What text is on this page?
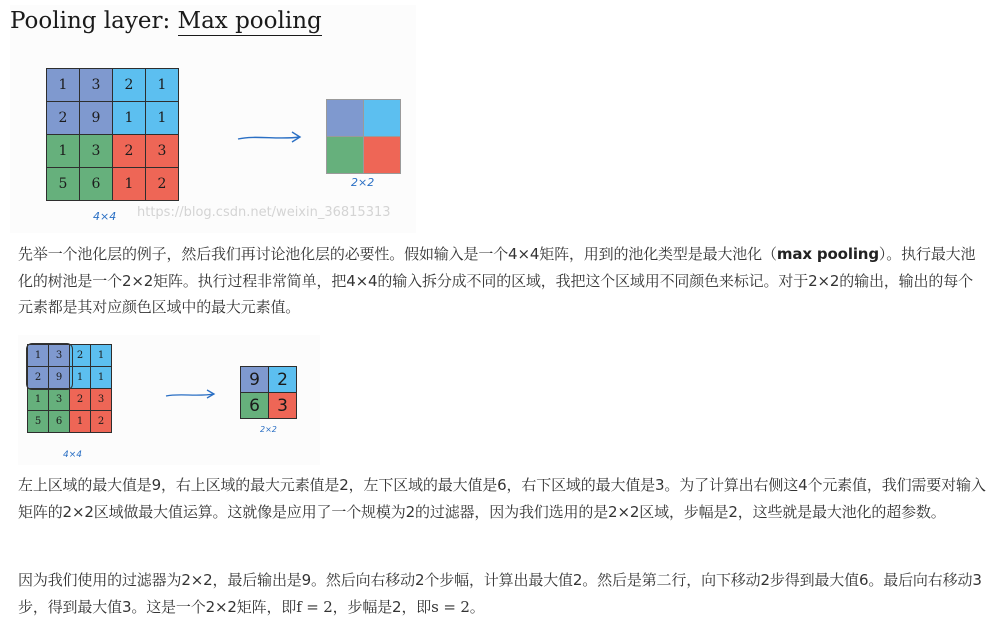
Pooling layer: Max pooling
1	3	2	1
2	9	1	1
1	3	2	3
5	6	1	2

4×4
2×2
https://blog.csdn.net/weixin_36815313

先举一个池化层的例子，然后我们再讨论池化层的必要性。假如输入是一个4×4矩阵，用到的池化类型是最大池化（max pooling）。执行最大池化的树池是一个2×2矩阵。执行过程非常简单，把4×4的输入拆分成不同的区域，我把这个区域用不同颜色来标记。对于2×2的输出，输出的每个元素都是其对应颜色区域中的最大元素值。

1	3	2	1
2	9	1	1
1	3	2	3
5	6	1	2
9	2
6	3
4×4
2×2

左上区域的最大值是9，右上区域的最大元素值是2，左下区域的最大值是6，右下区域的最大值是3。为了计算出右侧这4个元素值，我们需要对输入矩阵的2×2区域做最大值运算。这就像是应用了一个规模为2的过滤器，因为我们选用的是2×2区域，步幅是2，这些就是最大池化的超参数。

因为我们使用的过滤器为2×2，最后输出是9。然后向右移动2个步幅，计算出最大值2。然后是第二行，向下移动2步得到最大值6。最后向右移动3步，得到最大值3。这是一个2×2矩阵，即f = 2，步幅是2，即s = 2。
